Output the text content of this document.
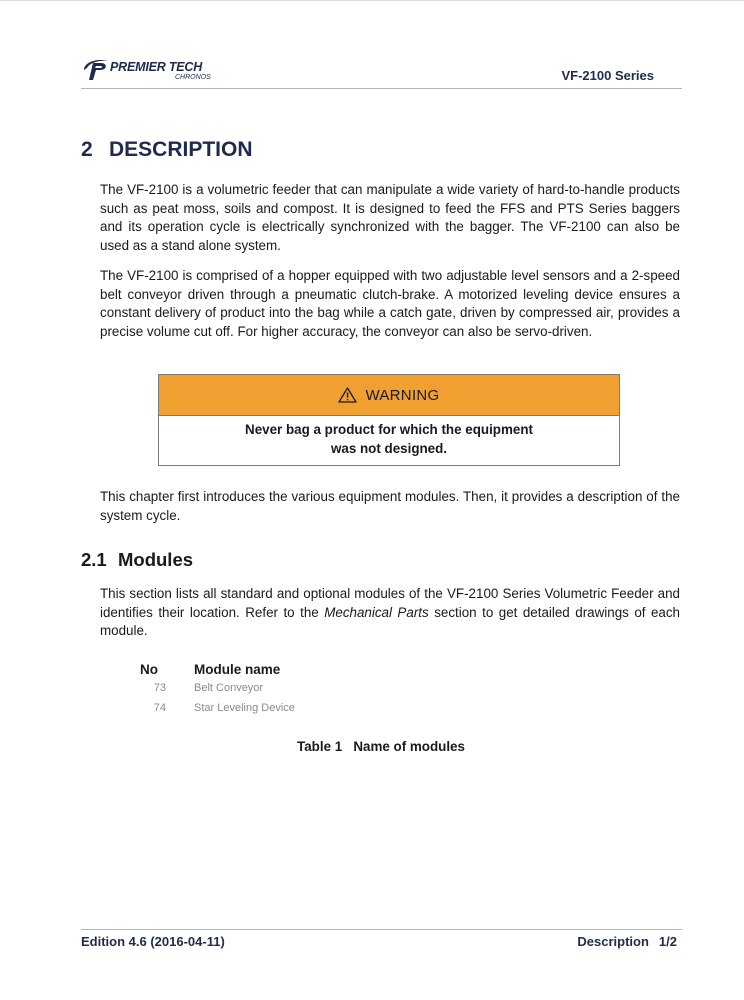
PREMIER TECH
CHRONOS	VF-2100 Series
2 DESCRIPTION

The VF-2100 is a volumetric feeder that can manipulate a wide variety of hard-to-handle products such as peat moss, soils and compost. It is designed to feed the FFS and PTS Series baggers and its operation cycle is electrically synchronized with the bagger. The VF-2100 can also be used as a stand alone system.

The VF-2100 is comprised of a hopper equipped with two adjustable level sensors and a 2-speed belt conveyor driven through a pneumatic clutch-brake. A motorized leveling device ensures a constant delivery of product into the bag while a catch gate, driven by compressed air, provides a precise volume cut off. For higher accuracy, the conveyor can also be servo-driven.

WARNING
Never bag a product for which the equipment
was not designed.

This chapter first introduces the various equipment modules. Then, it provides a description of the system cycle.

2.1 Modules

This section lists all standard and optional modules of the VF-2100 Series Volumetric Feeder and identifies their location. Refer to the Mechanical Parts section to get detailed drawings of each module.

No	Module name
73	Belt Conveyor
74	Star Leveling Device
Table 1   Name of modules
Edition 4.6 (2016-04-11)	Description 1/2
